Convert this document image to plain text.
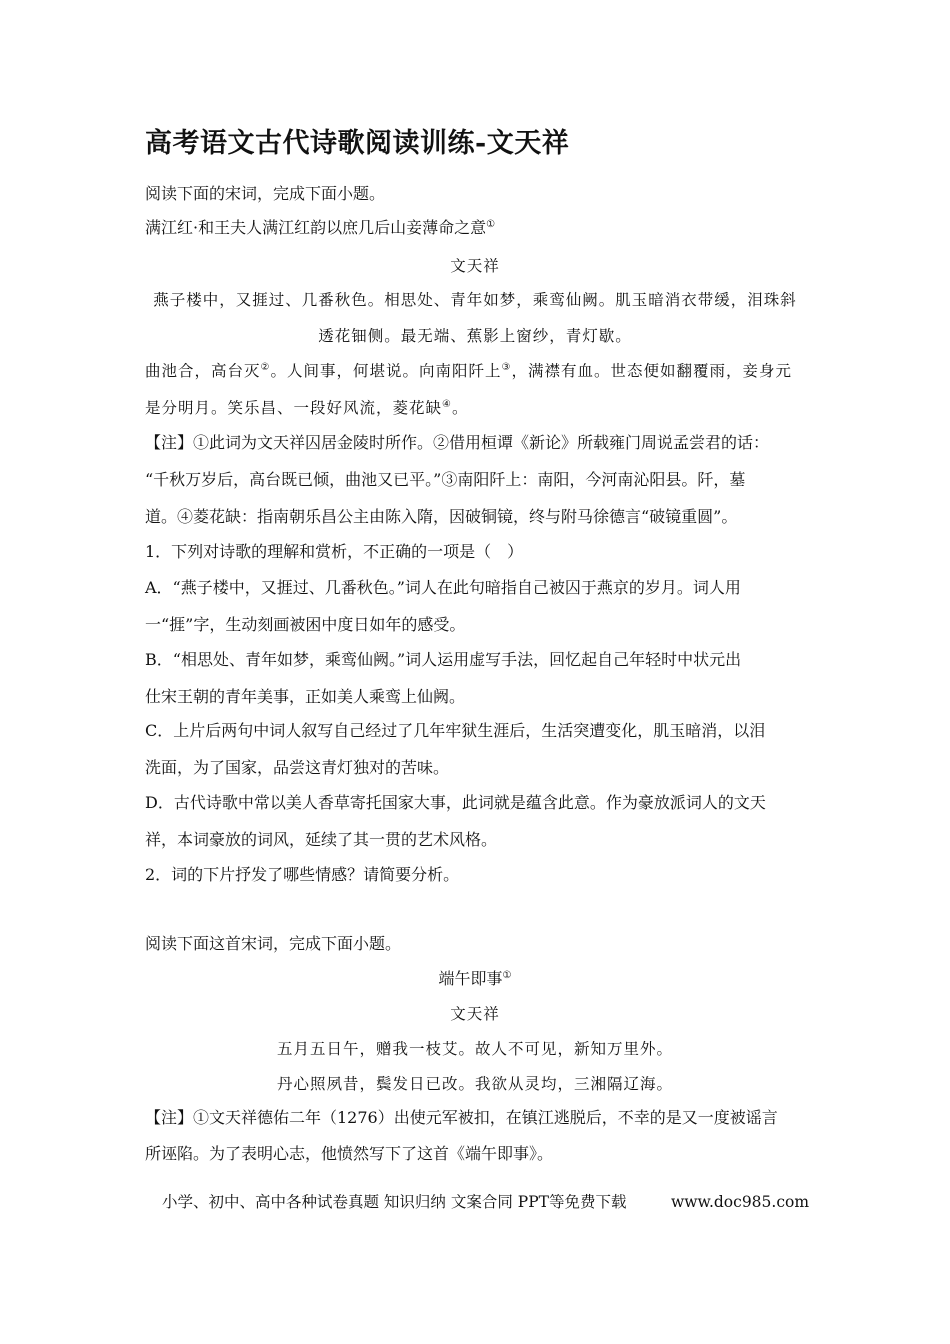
高考语文古代诗歌阅读训练-文天祥
阅读下面的宋词，完成下面小题。
满江红·和王夫人满江红韵以庶几后山妾薄命之意①
文天祥
燕子楼中，又捱过、几番秋色。相思处、青年如梦，乘鸾仙阙。肌玉暗消衣带缓，泪珠斜
透花钿侧。最无端、蕉影上窗纱，青灯歇。
曲池合，高台灭②。人间事，何堪说。向南阳阡上③，满襟有血。世态便如翻覆雨，妾身元
是分明月。笑乐昌、一段好风流，菱花缺④。
【注】①此词为文天祥囚居金陵时所作。②借用桓谭《新论》所载雍门周说孟尝君的话：
“千秋万岁后，高台既已倾，曲池又已平。”③南阳阡上：南阳，今河南沁阳县。阡，墓
道。④菱花缺：指南朝乐昌公主由陈入隋，因破铜镜，终与附马徐德言“破镜重圆”。
1．下列对诗歌的理解和赏析，不正确的一项是（　）
A．“燕子楼中，又捱过、几番秋色。”词人在此句暗指自己被囚于燕京的岁月。词人用
一“捱”字，生动刻画被困中度日如年的感受。
B．“相思处、青年如梦，乘鸾仙阙。”词人运用虚写手法，回忆起自己年轻时中状元出
仕宋王朝的青年美事，正如美人乘鸾上仙阙。
C．上片后两句中词人叙写自己经过了几年牢狱生涯后，生活突遭变化，肌玉暗消，以泪
洗面，为了国家，品尝这青灯独对的苦味。
D．古代诗歌中常以美人香草寄托国家大事，此词就是蕴含此意。作为豪放派词人的文天
祥，本词豪放的词风，延续了其一贯的艺术风格。
2．词的下片抒发了哪些情感？请简要分析。
阅读下面这首宋词，完成下面小题。
端午即事①
文天祥
五月五日午，赠我一枝艾。故人不可见，新知万里外。
丹心照夙昔，鬓发日已改。我欲从灵均，三湘隔辽海。
【注】①文天祥德佑二年（1276）出使元军被扣，在镇江逃脱后，不幸的是又一度被谣言
所诬陷。为了表明心志，他愤然写下了这首《端午即事》。
小学、初中、高中各种试卷真题 知识归纳 文案合同 PPT等免费下载	www.doc985.com
